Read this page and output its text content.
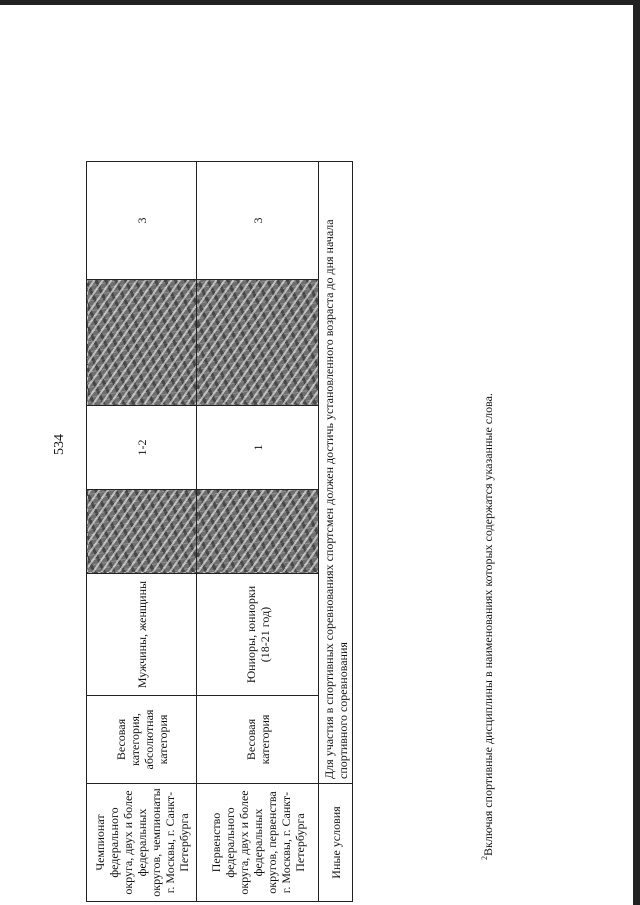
534
Чемпионат федерального округа, двух и более федеральных округов, чемпионаты г. Москвы, г. Санкт-Петербурга	Весовая категория, абсолютная категория	Мужчины, женщины		1-2		3
Первенство федерального округа, двух и более федеральных округов, первенства г. Москвы, г. Санкт-Петербурга	Весовая категория	Юниоры, юниорки (18-21 год)		1		3
Иные условия	Для участия в спортивных соревнованиях спортсмен должен достичь установленного возраста до дня начала спортивного соревнования					
$^2$Включая спортивные дисциплины в наименованиях которых содержатся указанные слова.
